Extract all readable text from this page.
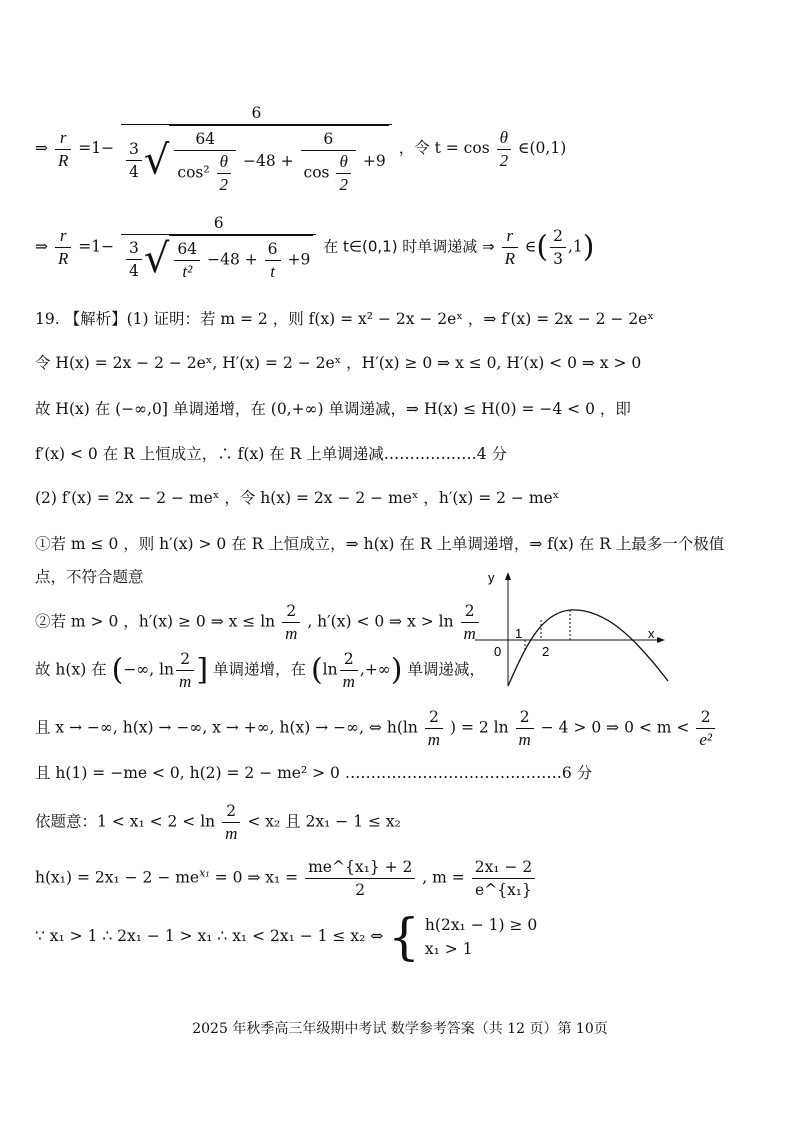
⇒ $\frac{r}{R} =1-$
6
$\frac{3}{4}$ √ $\frac{64}{\cos^2 \frac{\theta}{2}} -48 + \frac{6}{\cos \frac{\theta}{2}} +9$
，令 $t = \cos \frac{\theta}{2}$ ∈(0,1)
⇒ $\frac{r}{R} =1- \frac{6}{\frac{3}{4} √ \frac{64}{\text{t²}} -48 + \frac{6}{t} +9}$ 在 t∈(0,1) 时单调递减 ⇒ $\frac{r}{R}$ ∈( $\frac{2}{3} ,1$)
19. 【解析】(1) 证明：若 m = 2 ，则 f(x) = x² − 2x − 2eˣ ，⇒ f′(x) = 2x − 2 − 2eˣ
令 H(x) = 2x − 2 − 2eˣ, H′(x) = 2 − 2eˣ ，H′(x) ≥ 0 ⇒ x ≤ 0, H′(x) < 0 ⇒ x > 0
故 H(x) 在 (−∞,0] 单调递增，在 (0,+∞) 单调递减，⇒ H(x) ≤ H(0) = −4 < 0 ，即
f′(x) < 0 在 R 上恒成立，∴ f(x) 在 R 上单调递减………………4 分
(2) f′(x) = 2x − 2 − meˣ ，令 h(x) = 2x − 2 − meˣ ，h′(x) = 2 − meˣ
①若 m ≤ 0 ，则 h′(x) > 0 在 R 上恒成立，⇒ h(x) 在 R 上单调递增，⇒ f(x) 在 R 上最多一个极值
点，不符合题意
②若 m > 0 ，h′(x) ≥ 0 ⇒ $x \le \ln \frac{2}{m}$ , h′(x) < 0 ⇒ $x > \ln \frac{2}{m}$
故 h(x) 在 (−∞, $\ln \frac{2}{m}$ ] 单调递增，在 ($\ln \frac{2}{m}$ ,+∞) 单调递减，
且 x → −∞, h(x) → −∞, x → +∞, h(x) → −∞, ⇔ $h(\ln \frac{2}{m}$ ) = 2 $\ln \frac{2}{m} - 4 > 0$ ⇒ $0 < m < \frac{2}{\text{e²}}$
且 h(1) = −me < 0, h(2) = 2 − me² > 0 ……………………………………6 分
依题意：$1 < x_1 < 2 < \ln \frac{2}{m} < x_2$ 且 2x₁ − 1 ≤ x₂
$h(x_1) = 2x_1 - 2 - me^{x_1} = 0$ ⇒ $x_1 = \frac{\text{me\textasciicircum{}\{x₁\} + 2}}{2}$ , $m = \frac{\text{2x₁ − 2}}{\text{e\textasciicircum{}\{x₁\}}}$
∵ x₁ > 1 ∴ 2x₁ − 1 > x₁ ∴ x₁ < 2x₁ − 1 ≤ x₂ ⇔ { h(2x₁ − 1) ≥ 0
x₁ > 1
y
x
0
1
2
2025 年秋季高三年级期中考试 数学参考答案（共 12 页）第 10页
